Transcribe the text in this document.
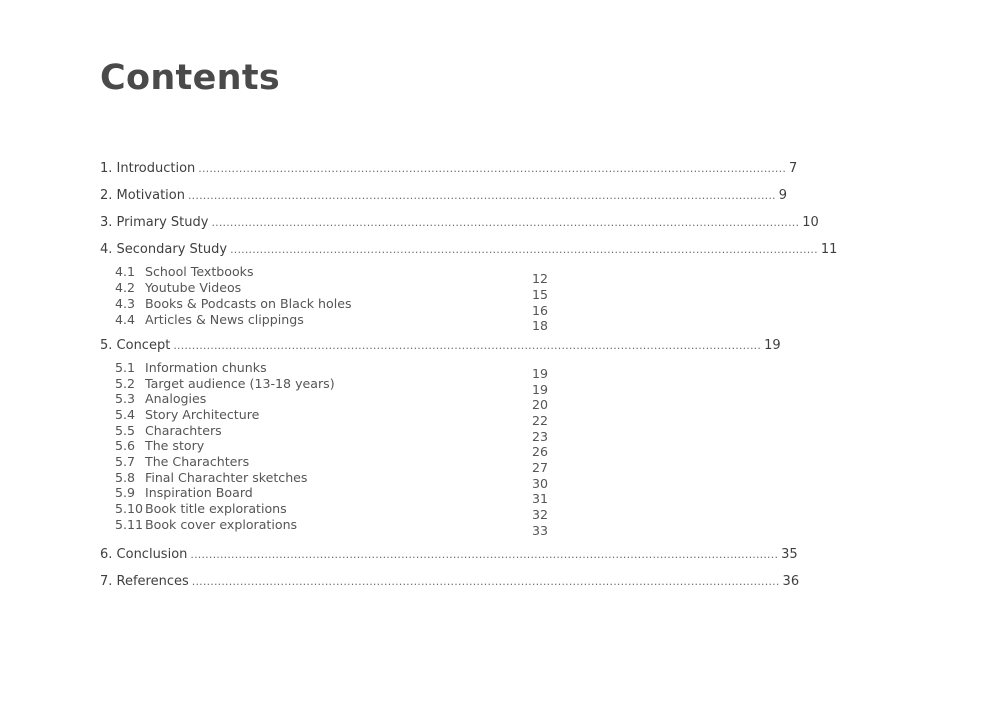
Contents
1. Introduction ............................................................................................................................................................... 7
2. Motivation ............................................................................................................................................................... 9
3. Primary Study ............................................................................................................................................................... 10
4. Secondary Study ............................................................................................................................................................... 11
4.1 School Textbooks
4.2 Youtube Videos
4.3 Books & Podcasts on Black holes
4.4 Articles & News clippings
12
15
16
18
5. Concept ............................................................................................................................................................... 19
5.1 Information chunks
5.2 Target audience (13-18 years)
5.3 Analogies
5.4 Story Architecture
5.5 Charachters
5.6 The story
5.7 The Charachters
5.8 Final Charachter sketches
5.9 Inspiration Board
5.10 Book title explorations
5.11 Book cover explorations
19
19
20
22
23
26
27
30
31
32
33
6. Conclusion ............................................................................................................................................................... 35
7. References ............................................................................................................................................................... 36
